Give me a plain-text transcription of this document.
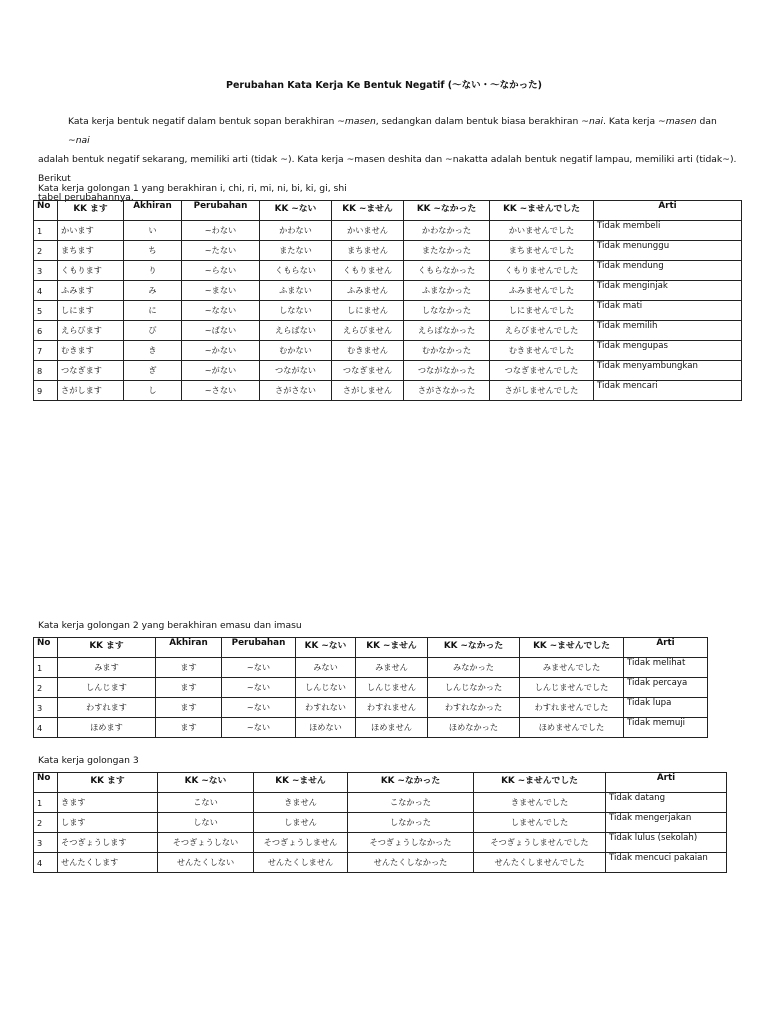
Perubahan Kata Kerja Ke Bentuk Negatif (～ない・～なかった)
Kata kerja bentuk negatif dalam bentuk sopan berakhiran ~masen, sedangkan dalam bentuk biasa berakhiran ~nai. Kata kerja ~masen dan ~nai
adalah bentuk negatif sekarang, memiliki arti (tidak ~). Kata kerja ~masen deshita dan ~nakatta adalah bentuk negatif lampau, memiliki arti (tidak~). Berikut
tabel perubahannya.
Kata kerja golongan 1 yang berakhiran i, chi, ri, mi, ni, bi, ki, gi, shi
No	KK ます	Akhiran	Perubahan	KK ~ない	KK ~ません	KK ~なかった	KK ~ませんでした	Arti
1	かいます	い	~わない	かわない	かいません	かわなかった	かいませんでした	Tidak membeli
2	まちます	ち	~たない	またない	まちません	またなかった	まちませんでした	Tidak menunggu
3	くもります	り	~らない	くもらない	くもりません	くもらなかった	くもりませんでした	Tidak mendung
4	ふみます	み	~まない	ふまない	ふみません	ふまなかった	ふみませんでした	Tidak menginjak
5	しにます	に	~なない	しなない	しにません	しななかった	しにませんでした	Tidak mati
6	えらびます	び	~ばない	えらばない	えらびません	えらばなかった	えらびませんでした	Tidak memilih
7	むきます	き	~かない	むかない	むきません	むかなかった	むきませんでした	Tidak mengupas
8	つなぎます	ぎ	~がない	つながない	つなぎません	つながなかった	つなぎませんでした	Tidak menyambungkan
9	さがします	し	~さない	さがさない	さがしません	さがさなかった	さがしませんでした	Tidak mencari
Kata kerja golongan 2 yang berakhiran emasu dan imasu
No	KK ます	Akhiran	Perubahan	KK ~ない	KK ~ません	KK ~なかった	KK ~ませんでした	Arti
1	みます	ます	~ない	みない	みません	みなかった	みませんでした	Tidak melihat
2	しんじます	ます	~ない	しんじない	しんじません	しんじなかった	しんじませんでした	Tidak percaya
3	わすれます	ます	~ない	わすれない	わすれません	わすれなかった	わすれませんでした	Tidak lupa
4	ほめます	ます	~ない	ほめない	ほめません	ほめなかった	ほめませんでした	Tidak memuji
Kata kerja golongan 3
No	KK ます	KK ~ない	KK ~ません	KK ~なかった	KK ~ませんでした	Arti
1	きます	こない	きません	こなかった	きませんでした	Tidak datang
2	します	しない	しません	しなかった	しませんでした	Tidak mengerjakan
3	そつぎょうします	そつぎょうしない	そつぎょうしません	そつぎょうしなかった	そつぎょうしませんでした	Tidak lulus (sekolah)
4	せんたくします	せんたくしない	せんたくしません	せんたくしなかった	せんたくしませんでした	Tidak mencuci pakaian
